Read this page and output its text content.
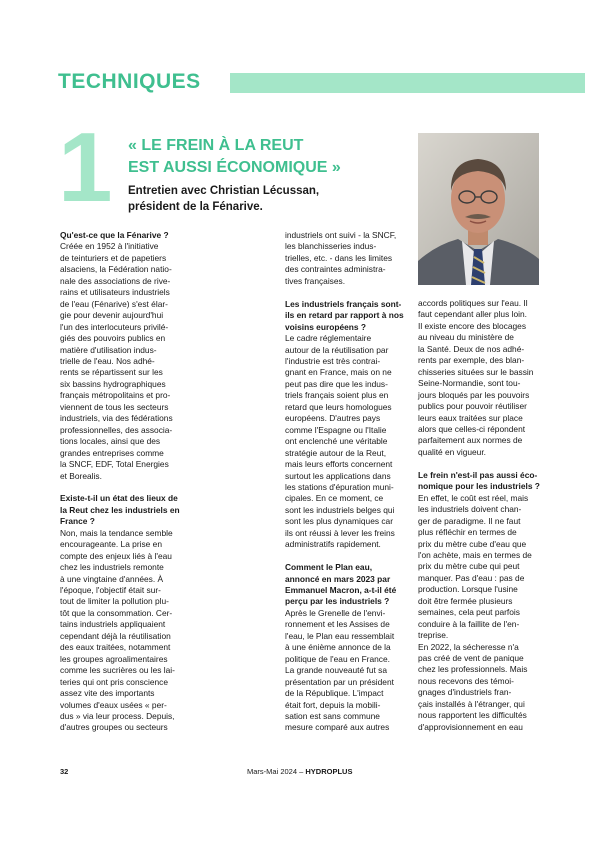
TECHNIQUES
1 « LE FREIN À LA REUT
EST AUSSI ÉCONOMIQUE »
Entretien avec Christian Lécussan,
président de la Fénarive.

Qu'est-ce que la Fénarive ?

Créée en 1952 à l'initiative

de teinturiers et de papetiers

alsaciens, la Fédération natio-

nale des associations de rive-

rains et utilisateurs industriels

de l'eau (Fénarive) s'est élar-

gie pour devenir aujourd'hui

l'un des interlocuteurs privilé-

giés des pouvoirs publics en

matière d'utilisation indus-

trielle de l'eau. Nos adhé-

rents se répartissent sur les

six bassins hydrographiques

français métropolitains et pro-

viennent de tous les secteurs

industriels, via des fédérations

professionnelles, des associa-

tions locales, ainsi que des

grandes entreprises comme

la SNCF, EDF, Total Energies

et Borealis.

Existe-t-il un état des lieux de

la Reut chez les industriels en

France ?

Non, mais la tendance semble

encourageante. La prise en

compte des enjeux liés à l'eau

chez les industriels remonte

à une vingtaine d'années. À

l'époque, l'objectif était sur-

tout de limiter la pollution plu-

tôt que la consommation. Cer-

tains industriels appliquaient

cependant déjà la réutilisation

des eaux traitées, notamment

les groupes agroalimentaires

comme les sucrières ou les lai-

teries qui ont pris conscience

assez vite des importants

volumes d'eaux usées « per-

dus » via leur process. Depuis,

d'autres groupes ou secteurs

industriels ont suivi - la SNCF,

les blanchisseries indus-

trielles, etc. - dans les limites

des contraintes administra-

tives françaises.

Les industriels français sont-

ils en retard par rapport à nos

voisins européens ?

Le cadre réglementaire

autour de la réutilisation par

l'industrie est très contrai-

gnant en France, mais on ne

peut pas dire que les indus-

triels français soient plus en

retard que leurs homologues

européens. D'autres pays

comme l'Espagne ou l'Italie

ont enclenché une véritable

stratégie autour de la Reut,

mais leurs efforts concernent

surtout les applications dans

les stations d'épuration muni-

cipales. En ce moment, ce

sont les industriels belges qui

sont les plus dynamiques car

ils ont réussi à lever les freins

administratifs rapidement.

Comment le Plan eau,

annoncé en mars 2023 par

Emmanuel Macron, a-t-il été

perçu par les industriels ?

Après le Grenelle de l'envi-

ronnement et les Assises de

l'eau, le Plan eau ressemblait

à une énième annonce de la

politique de l'eau en France.

La grande nouveauté fut sa

présentation par un président

de la République. L'impact

était fort, depuis la mobili-

sation est sans commune

mesure comparé aux autres

accords politiques sur l'eau. Il

faut cependant aller plus loin.

Il existe encore des blocages

au niveau du ministère de

la Santé. Deux de nos adhé-

rents par exemple, des blan-

chisseries situées sur le bassin

Seine-Normandie, sont tou-

jours bloqués par les pouvoirs

publics pour pouvoir réutiliser

leurs eaux traitées sur place

alors que celles-ci répondent

parfaitement aux normes de

qualité en vigueur.

Le frein n'est-il pas aussi éco-

nomique pour les industriels ?

En effet, le coût est réel, mais

les industriels doivent chan-

ger de paradigme. Il ne faut

plus réfléchir en termes de

prix du mètre cube d'eau que

l'on achète, mais en termes de

prix du mètre cube qui peut

manquer. Pas d'eau : pas de

production. Lorsque l'usine

doit être fermée plusieurs

semaines, cela peut parfois

conduire à la faillite de l'en-

treprise.

En 2022, la sécheresse n'a

pas créé de vent de panique

chez les professionnels. Mais

nous recevons des témoi-

gnages d'industriels fran-

çais installés à l'étranger, qui

nous rapportent les difficultés

d'approvisionnement en eau

32	Mars-Mai 2024 – HYDROPLUS
